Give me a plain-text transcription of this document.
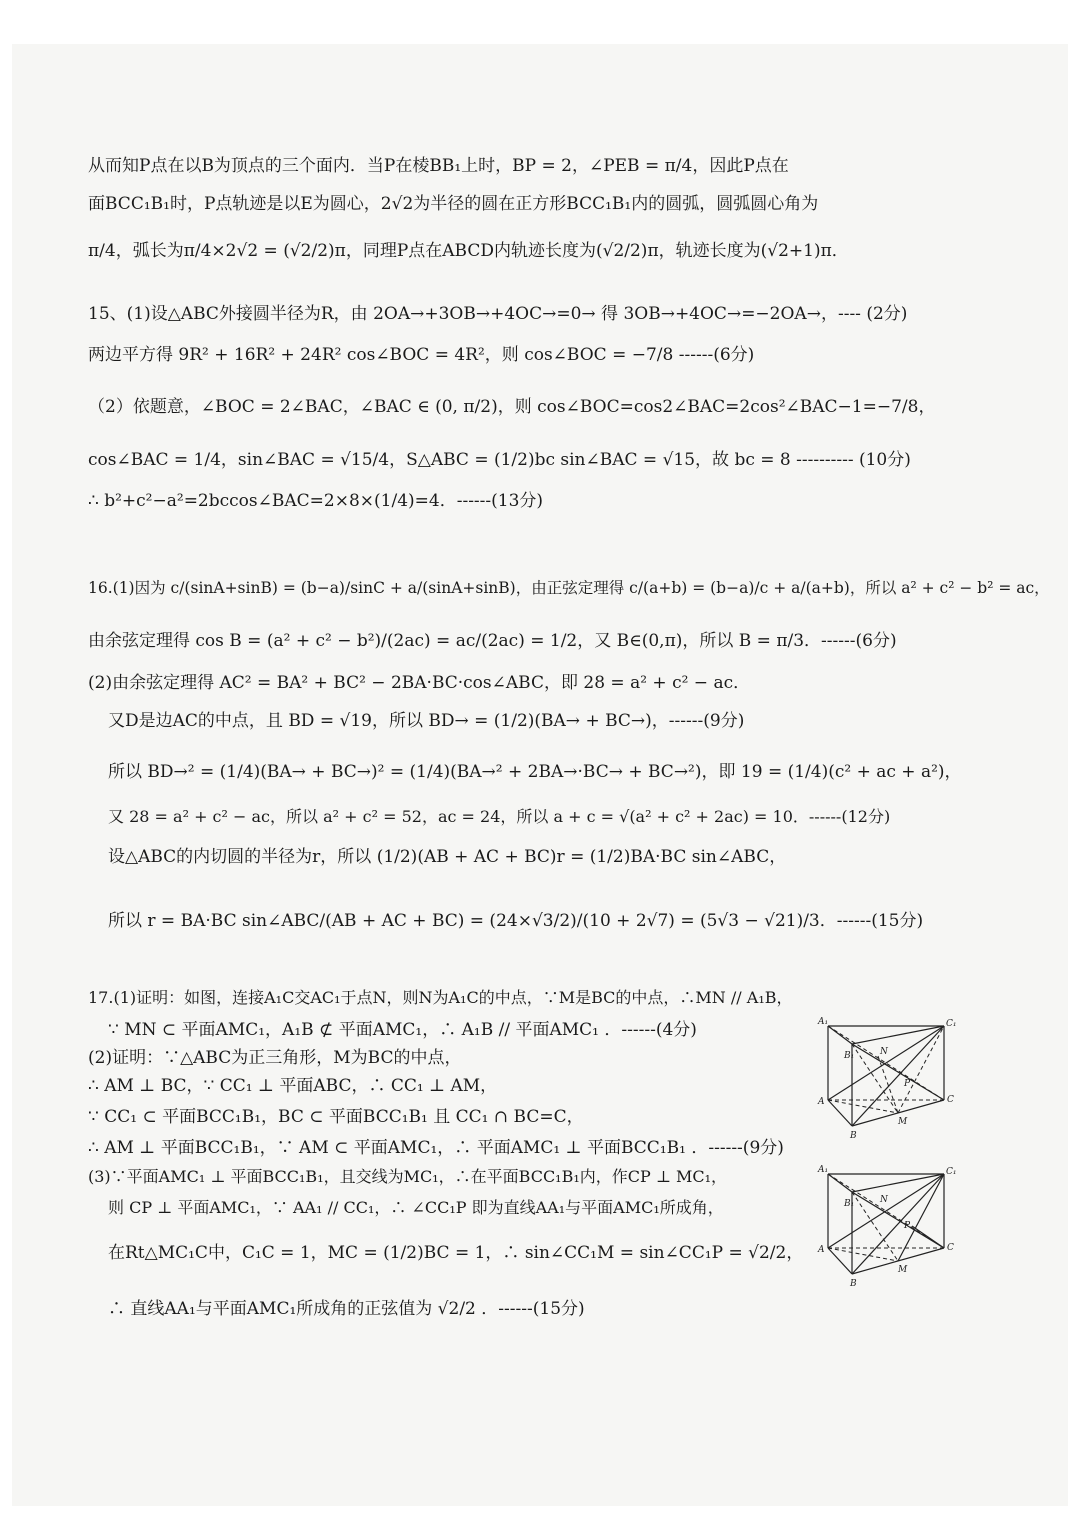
从而知P点在以B为顶点的三个面内．当P在棱BB₁上时，BP = 2，∠PEB = π/4，因此P点在
面BCC₁B₁时，P点轨迹是以E为圆心，2√2为半径的圆在正方形BCC₁B₁内的圆弧，圆弧圆心角为
π/4，弧长为π/4×2√2 = (√2/2)π，同理P点在ABCD内轨迹长度为(√2/2)π，轨迹长度为(√2+1)π．
15、(1)设△ABC外接圆半径为R，由 2OA→+3OB→+4OC→=0→ 得 3OB→+4OC→=−2OA→，---- (2分)
两边平方得 9R² + 16R² + 24R² cos∠BOC = 4R²，则 cos∠BOC = −7/8 ------(6分)
（2）依题意，∠BOC = 2∠BAC，∠BAC ∈ (0, π/2)，则 cos∠BOC=cos2∠BAC=2cos²∠BAC−1=−7/8，
cos∠BAC = 1/4，sin∠BAC = √15/4，S△ABC = (1/2)bc sin∠BAC = √15，故 bc = 8 ---------- (10分)
∴ b²+c²−a²=2bccos∠BAC=2×8×(1/4)=4．------(13分)
16.(1)因为 c/(sinA+sinB) = (b−a)/sinC + a/(sinA+sinB)，由正弦定理得 c/(a+b) = (b−a)/c + a/(a+b)，所以 a² + c² − b² = ac，
由余弦定理得 cos B = (a² + c² − b²)/(2ac) = ac/(2ac) = 1/2，又 B∈(0,π)，所以 B = π/3．------(6分)
(2)由余弦定理得 AC² = BA² + BC² − 2BA·BC·cos∠ABC，即 28 = a² + c² − ac．
又D是边AC的中点，且 BD = √19，所以 BD→ = (1/2)(BA→ + BC→)，------(9分)
所以 BD→² = (1/4)(BA→ + BC→)² = (1/4)(BA→² + 2BA→·BC→ + BC→²)，即 19 = (1/4)(c² + ac + a²)，
又 28 = a² + c² − ac，所以 a² + c² = 52，ac = 24，所以 a + c = √(a² + c² + 2ac) = 10．------(12分)
设△ABC的内切圆的半径为r，所以 (1/2)(AB + AC + BC)r = (1/2)BA·BC sin∠ABC，
所以 r = BA·BC sin∠ABC/(AB + AC + BC) = (24×√3/2)/(10 + 2√7) = (5√3 − √21)/3．------(15分)
17.(1)证明：如图，连接A₁C交AC₁于点N，则N为A₁C的中点，∵M是BC的中点，∴MN // A₁B，
∵ MN ⊂ 平面AMC₁，A₁B ⊄ 平面AMC₁，∴ A₁B // 平面AMC₁ ．------(4分)
(2)证明：∵△ABC为正三角形，M为BC的中点，
∴ AM ⊥ BC，∵ CC₁ ⊥ 平面ABC，∴ CC₁ ⊥ AM，
∵ CC₁ ⊂ 平面BCC₁B₁，BC ⊂ 平面BCC₁B₁ 且 CC₁ ∩ BC=C，
∴ AM ⊥ 平面BCC₁B₁，∵ AM ⊂ 平面AMC₁，∴ 平面AMC₁ ⊥ 平面BCC₁B₁ ．------(9分)
(3)∵平面AMC₁ ⊥ 平面BCC₁B₁，且交线为MC₁，∴在平面BCC₁B₁内，作CP ⊥ MC₁，
则 CP ⊥ 平面AMC₁，∵ AA₁ // CC₁，∴ ∠CC₁P 即为直线AA₁与平面AMC₁所成角，
在Rt△MC₁C中，C₁C = 1，MC = (1/2)BC = 1，∴ sin∠CC₁M = sin∠CC₁P = √2/2，
∴ 直线AA₁与平面AMC₁所成角的正弦值为 √2/2 ．------(15分)
A₁	C₁
B₁	N
P
A	C
B
M
A₁	C₁
B₁	N
P
A	C
B
M
